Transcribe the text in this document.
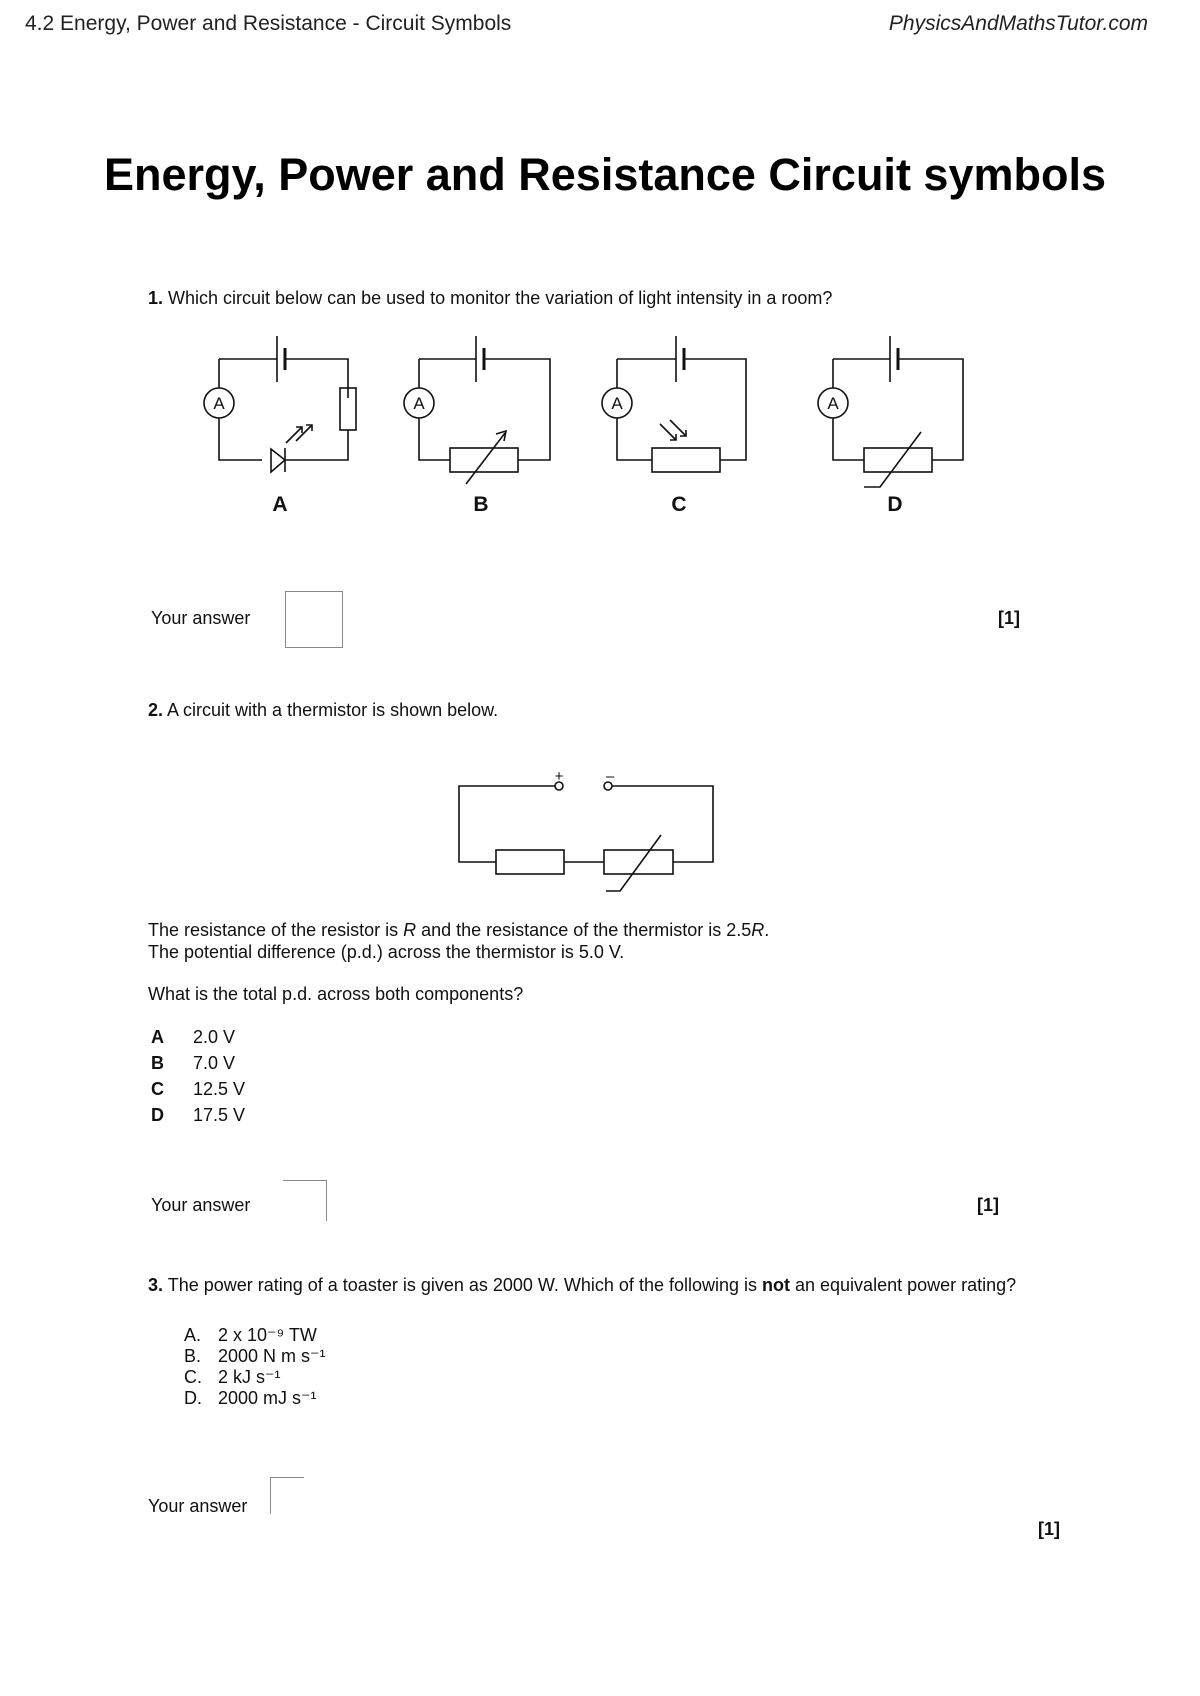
4.2 Energy, Power and Resistance - Circuit Symbols	PhysicsAndMathsTutor.com
Energy, Power and Resistance Circuit symbols
1. Which circuit below can be used to monitor the variation of light intensity in a room?
A	A	A	A
A	B	C	D
Your answer	[1]
2. A circuit with a thermistor is shown below.
+	–
The resistance of the resistor is R and the resistance of the thermistor is 2.5R.
The potential difference (p.d.) across the thermistor is 5.0 V.
What is the total p.d. across both components?
A 2.0 V
B 7.0 V
C 12.5 V
D 17.5 V
Your answer	[1]
3. The power rating of a toaster is given as 2000 W. Which of the following is not an equivalent power rating?
A. 2 x 10⁻⁹ TW
B. 2000 N m s⁻¹
C. 2 kJ s⁻¹
D. 2000 mJ s⁻¹
Your answer
[1]
